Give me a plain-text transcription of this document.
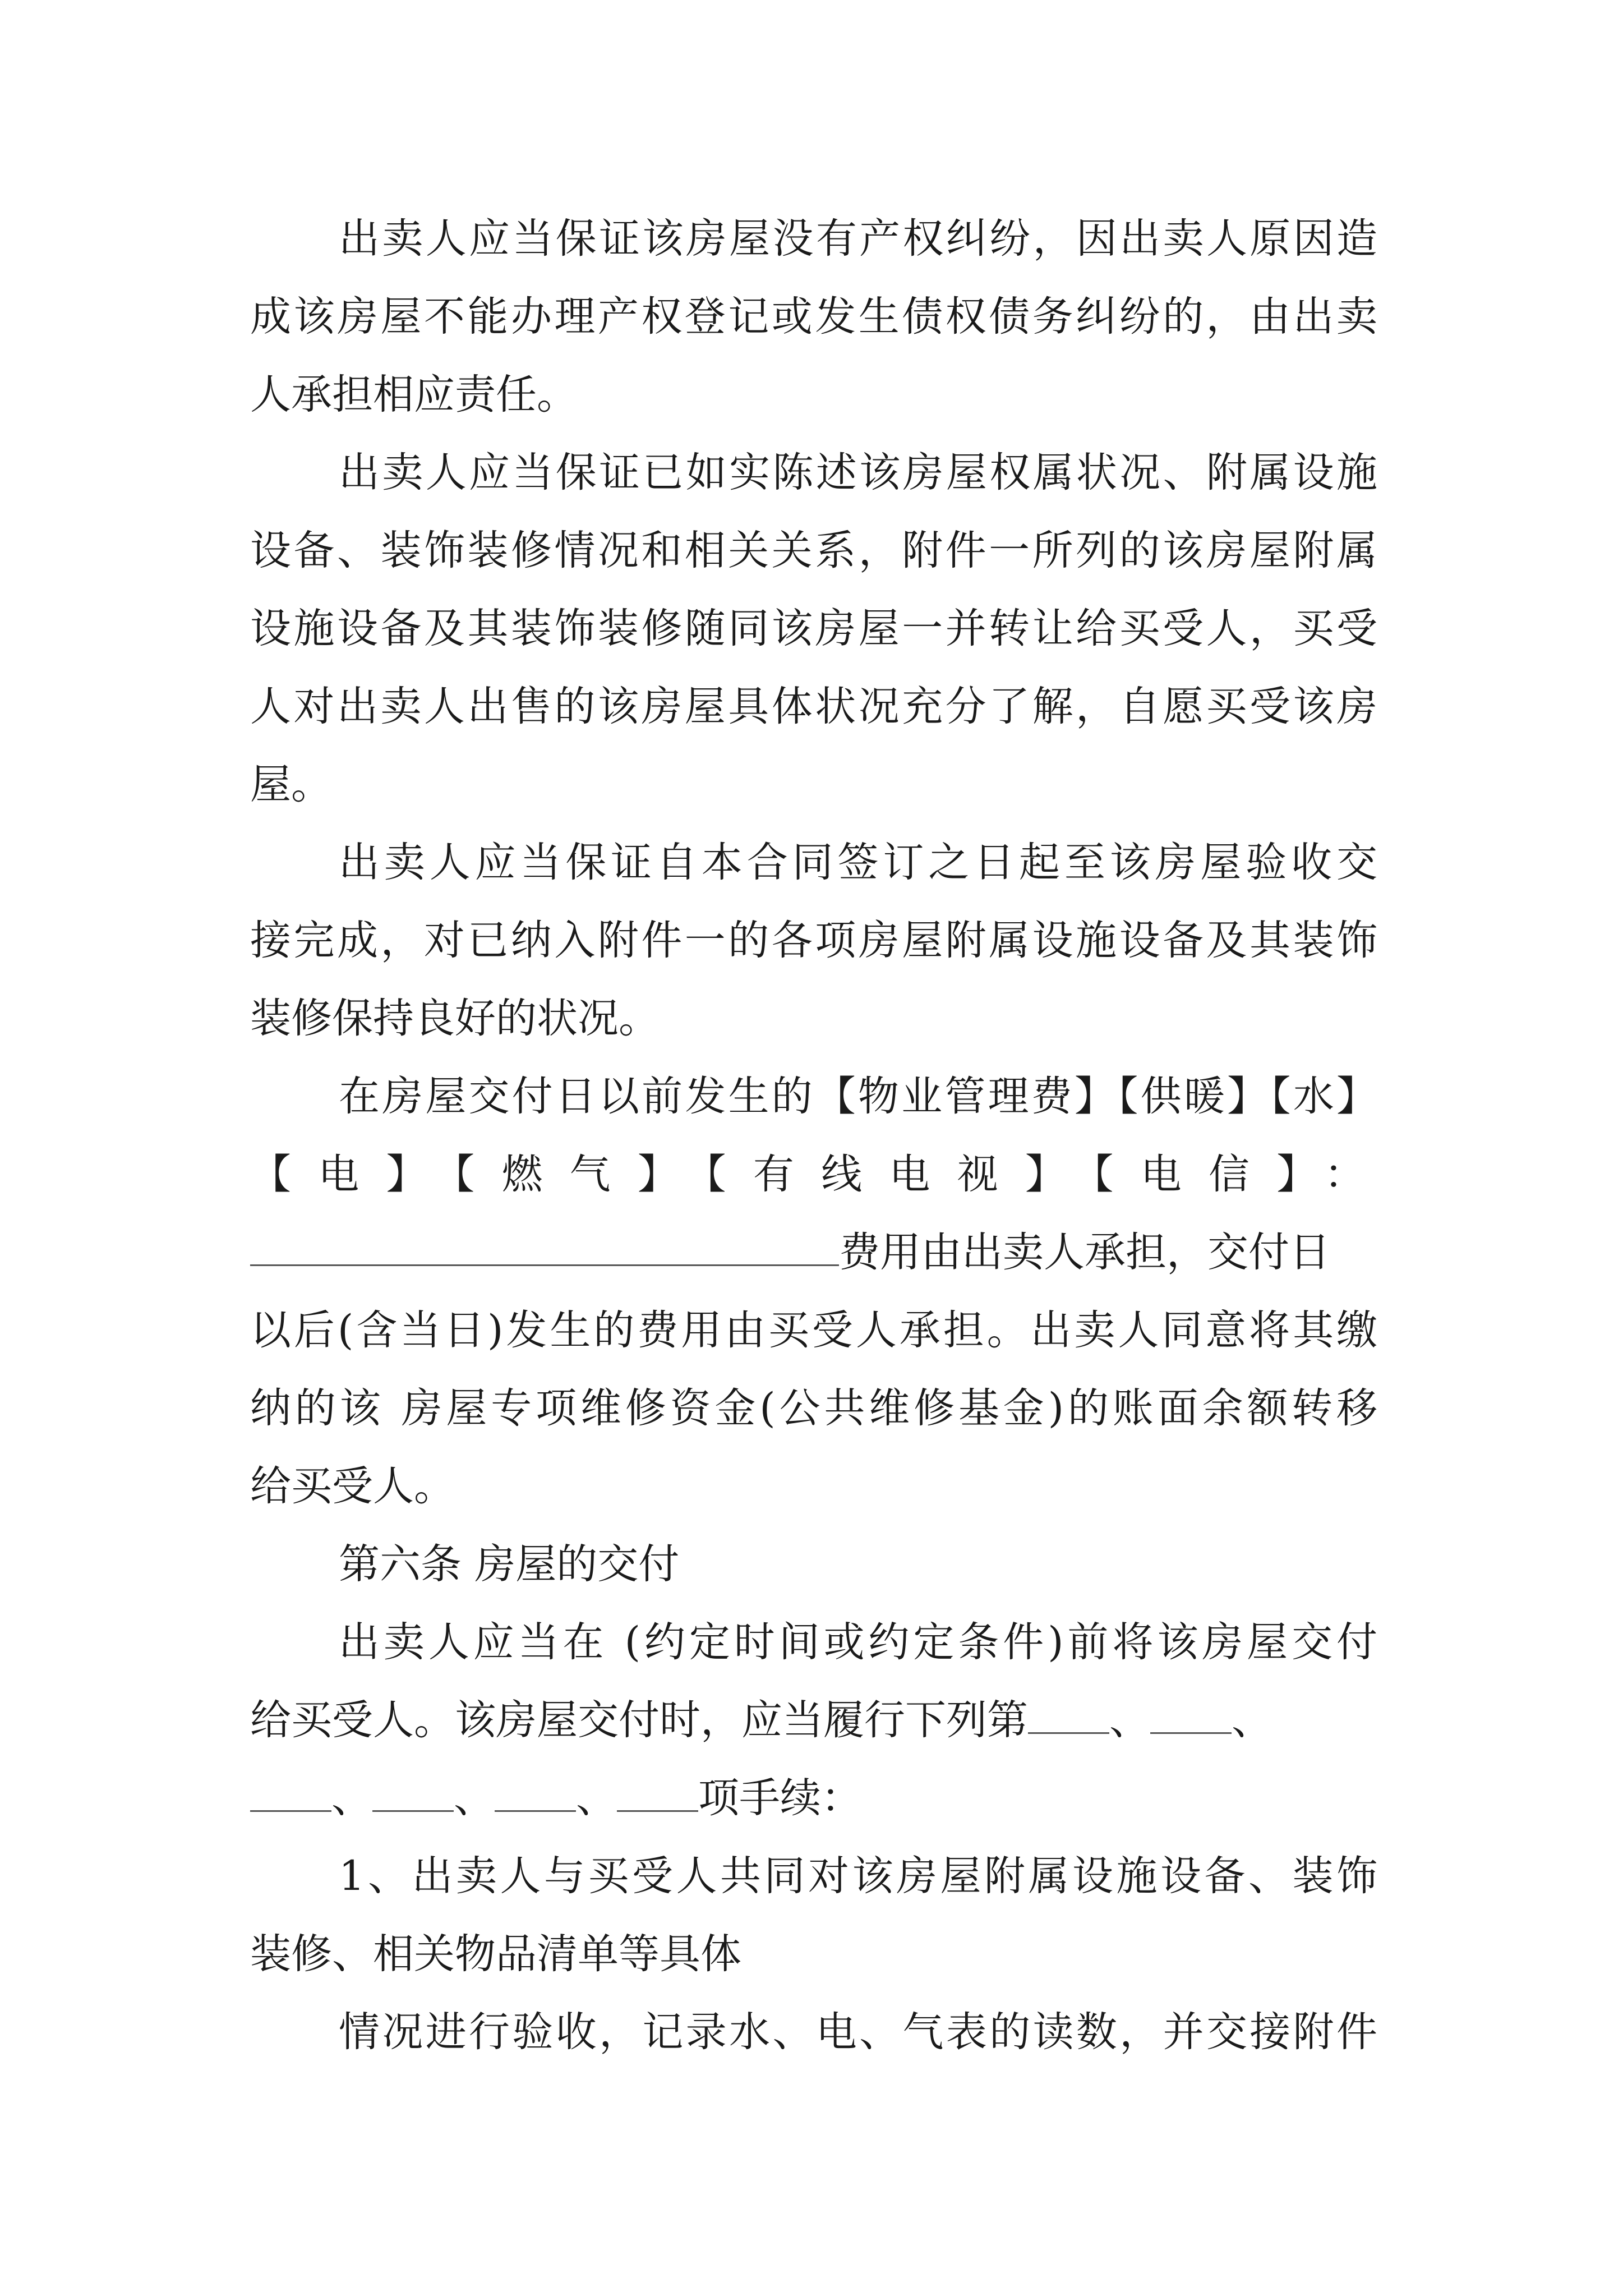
出卖人应当保证该房屋没有产权纠纷，因出卖人原因造
成该房屋不能办理产权登记或发生债权债务纠纷的，由出卖
人承担相应责任。
出卖人应当保证已如实陈述该房屋权属状况、附属设施
设备、装饰装修情况和相关关系，附件一所列的该房屋附属
设施设备及其装饰装修随同该房屋一并转让给买受人，买受
人对出卖人出售的该房屋具体状况充分了解，自愿买受该房
屋。
出卖人应当保证自本合同签订之日起至该房屋验收交
接完成，对已纳入附件一的各项房屋附属设施设备及其装饰
装修保持良好的状况。
在房屋交付日以前发生的【物业管理费】【供暖】【水】
【电】【燃气】【有线电视】【电信】：
费用由出卖人承担，交付日
以后(含当日)发生的费用由买受人承担。出卖人同意将其缴
纳的该 房屋专项维修资金(公共维修基金)的账面余额转移
给买受人。
第六条 房屋的交付
出卖人应当在 (约定时间或约定条件)前将该房屋交付
给买受人。该房屋交付时，应当履行下列第 、 、
、 、 、 项手续：
1、出卖人与买受人共同对该房屋附属设施设备、装饰
装修、相关物品清单等具体
情况进行验收，记录水、电、气表的读数，并交接附件
